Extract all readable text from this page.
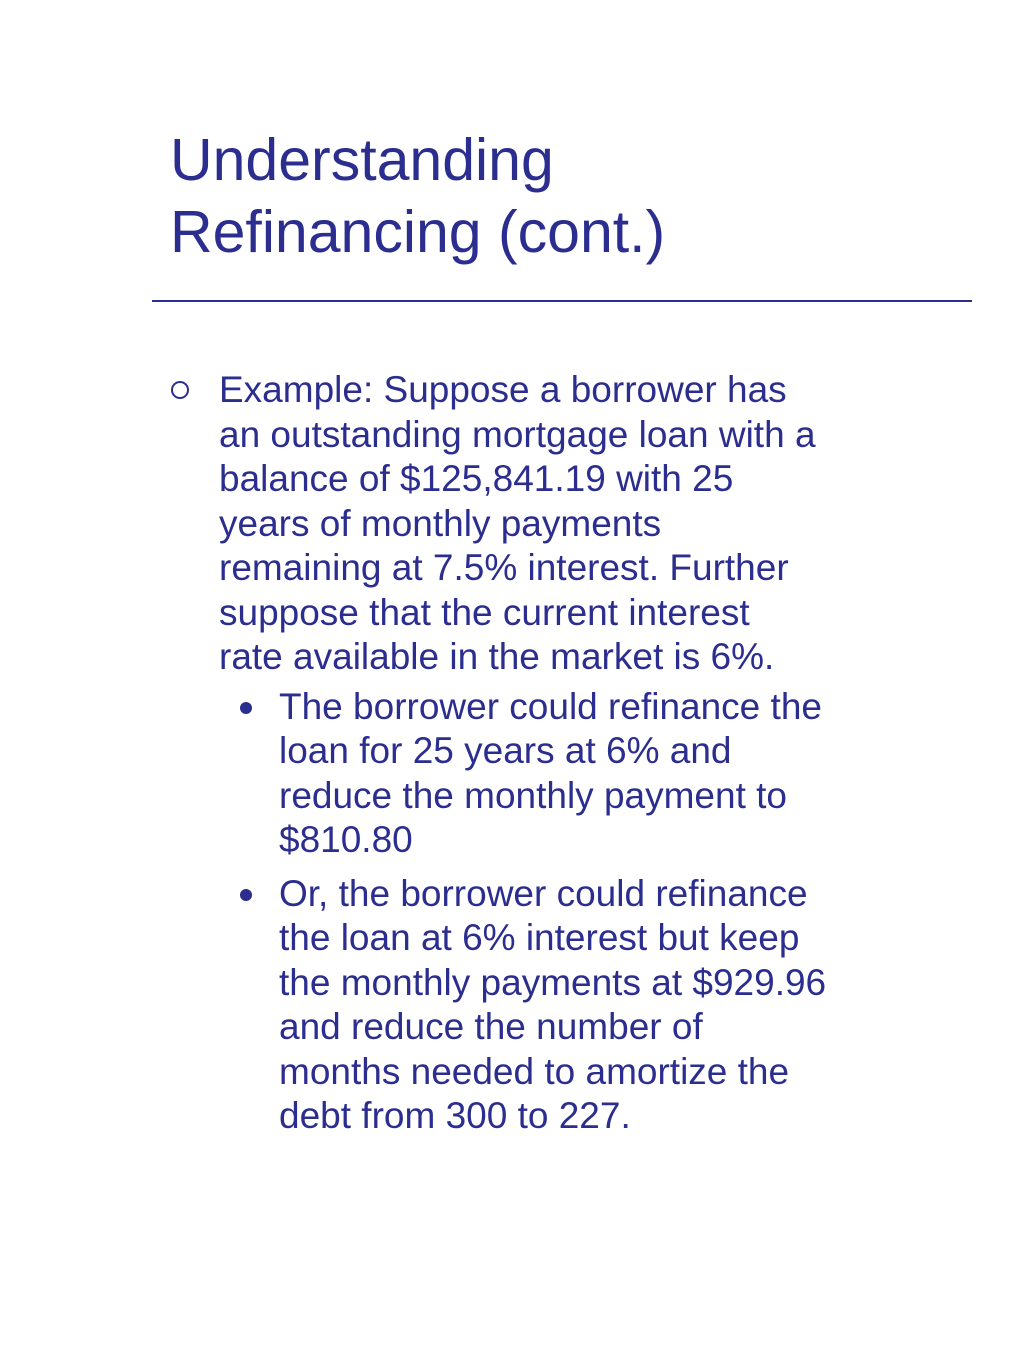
Understanding
Refinancing (cont.)
Example: Suppose a borrower has
an outstanding mortgage loan with a
balance of $125,841.19 with 25
years of monthly payments
remaining at 7.5% interest. Further
suppose that the current interest
rate available in the market is 6%.
The borrower could refinance the
loan for 25 years at 6% and
reduce the monthly payment to
$810.80
Or, the borrower could refinance
the loan at 6% interest but keep
the monthly payments at $929.96
and reduce the number of
months needed to amortize the
debt from 300 to 227.
